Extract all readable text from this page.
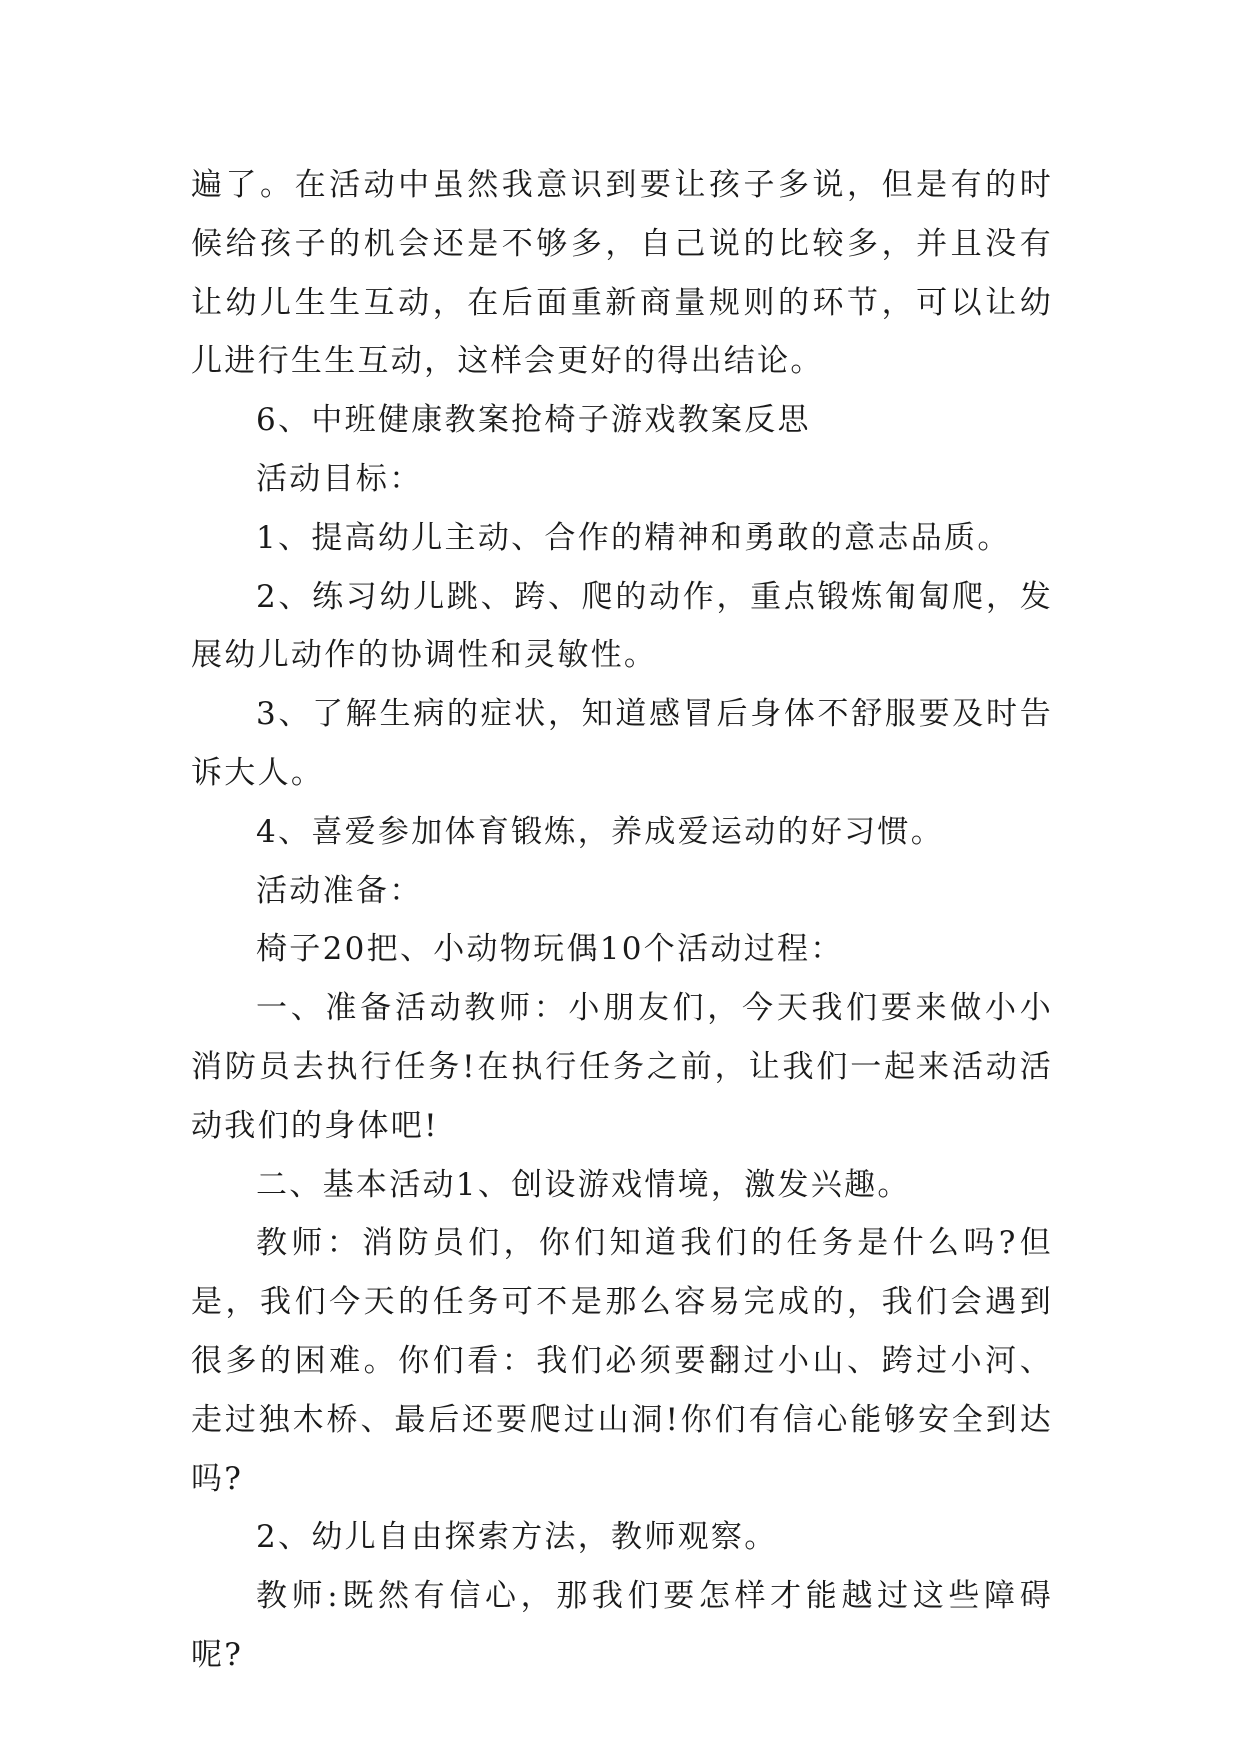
遍了。在活动中虽然我意识到要让孩子多说，但是有的时候给孩子的机会还是不够多，自己说的比较多，并且没有让幼儿生生互动，在后面重新商量规则的环节，可以让幼儿进行生生互动，这样会更好的得出结论。

6、中班健康教案抢椅子游戏教案反思

活动目标：

1、提高幼儿主动、合作的精神和勇敢的意志品质。

2、练习幼儿跳、跨、爬的动作，重点锻炼匍匐爬，发展幼儿动作的协调性和灵敏性。

3、了解生病的症状，知道感冒后身体不舒服要及时告诉大人。

4、喜爱参加体育锻炼，养成爱运动的好习惯。

活动准备：

椅子20把、小动物玩偶10个活动过程：

一、准备活动教师：小朋友们，今天我们要来做小小消防员去执行任务!在执行任务之前，让我们一起来活动活动我们的身体吧!

二、基本活动1、创设游戏情境，激发兴趣。

教师：消防员们，你们知道我们的任务是什么吗?但是，我们今天的任务可不是那么容易完成的，我们会遇到很多的困难。你们看：我们必须要翻过小山、跨过小河、走过独木桥、最后还要爬过山洞!你们有信心能够安全到达吗?

2、幼儿自由探索方法，教师观察。

教师:既然有信心，那我们要怎样才能越过这些障碍呢?
